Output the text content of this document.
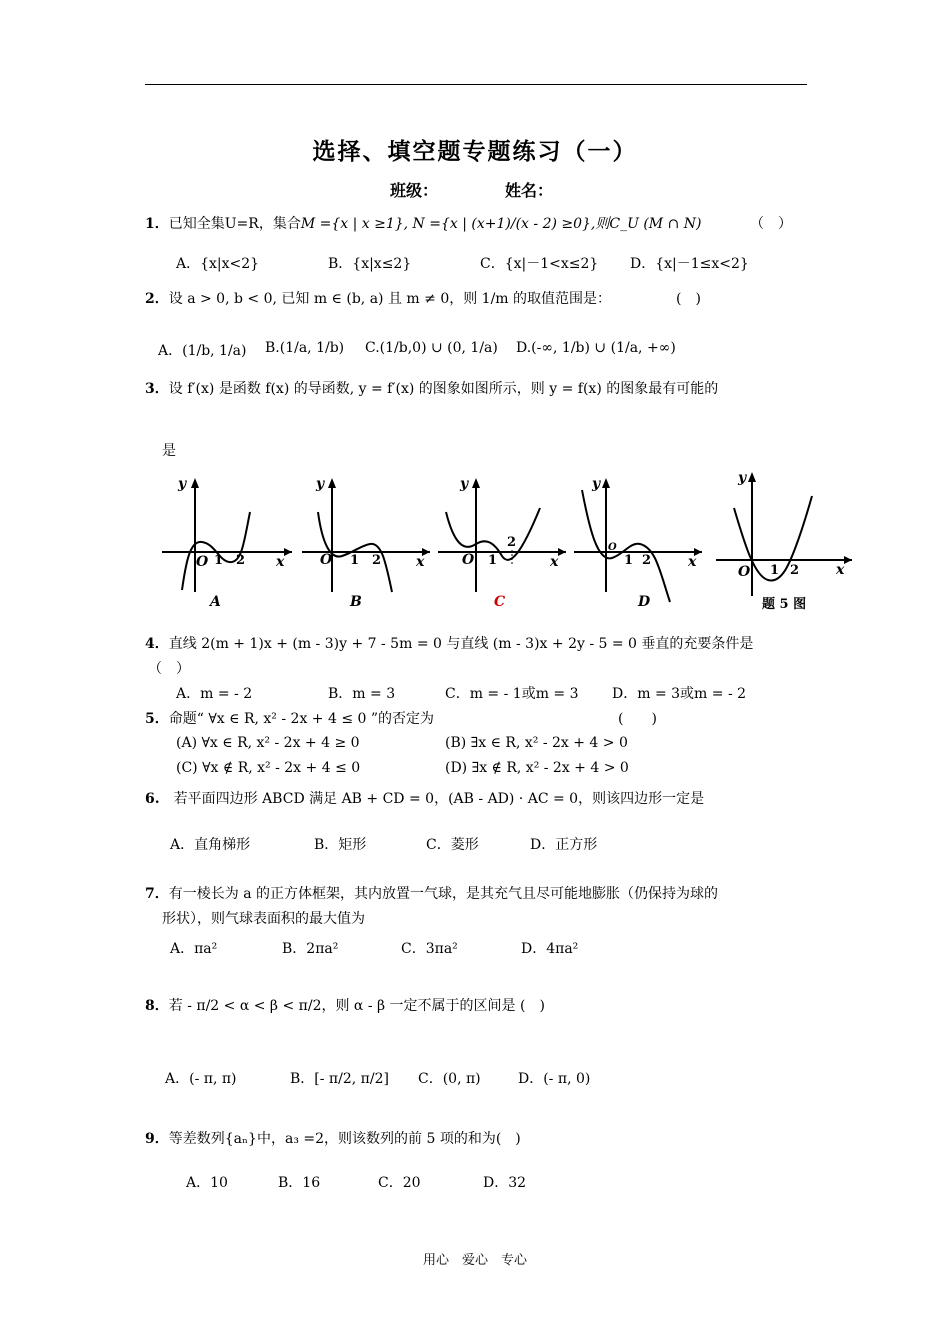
选择、填空题专题练习（一）
班级：	姓名：
1．已知全集U=R，集合M ={x | x ≥1}, N ={x | (x+1)/(x - 2) ≥0},则C_U (M ∩ N)	（　）
A．{x|x<2}	B．{x|x≤2}	C．{x|－1<x≤2} D．{x|－1≤x<2}
2．设 a > 0, b < 0, 已知 m ∈ (b, a) 且 m ≠ 0，则 1/m 的取值范围是：	(　)
A．(1/b, 1/a) B.(1/a, 1/b) C.(1/b,0) ∪ (0, 1/a) D.(-∞, 1/b) ∪ (1/a, +∞)
3．设 f′(x) 是函数 f(x) 的导函数, y = f′(x) 的图象如图所示，则 y = f(x) 的图象最有可能的
是
y
x
O 1 2
A
y
x
O 1 2
B
y
x
O 1
2
C
y
x
O
1 2
D
y
x
O 1 2
题 5 图
4．直线 2(m + 1)x + (m - 3)y + 7 - 5m = 0 与直线 (m - 3)x + 2y - 5 = 0 垂直的充要条件是
（　）
A．m = - 2	B．m = 3	C．m = - 1或m = 3 D．m = 3或m = - 2
5．命题“ ∀x ∈ R, x² - 2x + 4 ≤ 0 ”的否定为	(　　)
(A) ∀x ∈ R, x² - 2x + 4 ≥ 0	(B) ∃x ∈ R, x² - 2x + 4 > 0
(C) ∀x ∉ R, x² - 2x + 4 ≤ 0	(D) ∃x ∉ R, x² - 2x + 4 > 0
6.　 若平面四边形 ABCD 满足 AB + CD = 0，(AB - AD) · AC = 0，则该四边形一定是
A．直角梯形	B．矩形	C．菱形	D．正方形
7．有一棱长为 a 的正方体框架，其内放置一气球，是其充气且尽可能地膨胀（仍保持为球的
形状），则气球表面积的最大值为
A．πa²	B．2πa²	C．3πa²	D．4πa²
8．若 - π/2 < α < β < π/2，则 α - β 一定不属于的区间是 (　)
A．(- π, π)	B．[- π/2, π/2] C．(0, π)	D．(- π, 0)
9．等差数列{aₙ}中，a₃ =2，则该数列的前 5 项的和为(　)
A．10	B．16	C．20	D．32
用心　爱心　专心
